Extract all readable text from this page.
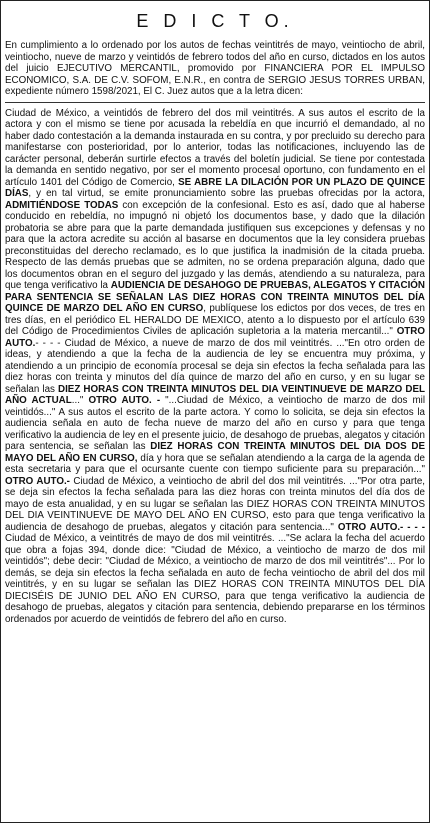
E D I C T O.

En cumplimiento a lo ordenado por los autos de fechas veintitrés de mayo, veintiocho de abril, veintiocho, nueve de marzo y veintidós de febrero todos del año en curso, dictados en los autos del juicio EJECUTIVO MERCANTIL, promovido por FINANCIERA POR EL IMPULSO ECONOMICO, S.A. DE C.V. SOFOM, E.N.R., en contra de SERGIO JESUS TORRES URBAN, expediente número 1598/2021, El C. Juez autos que a la letra dicen:

Ciudad de México, a veintidós de febrero del dos mil veintitrés. A sus autos el escrito de la actora y con el mismo se tiene por acusada la rebeldía en que incurrió el demandado, al no haber dado contestación a la demanda instaurada en su contra, y por precluido su derecho para manifestarse con posterioridad, por lo anterior, todas las notificaciones, incluyendo las de carácter personal, deberán surtirle efectos a través del boletín judicial. Se tiene por contestada la demanda en sentido negativo, por ser el momento procesal oportuno, con fundamento en el artículo 1401 del Código de Comercio, SE ABRE LA DILACIÓN POR UN PLAZO DE QUINCE DÍAS, y en tal virtud, se emite pronunciamiento sobre las pruebas ofrecidas por la actora, ADMITIÉNDOSE TODAS con excepción de la confesional. Esto es así, dado que al haberse conducido en rebeldía, no impugnó ni objetó los documentos base, y dado que la dilación probatoria se abre para que la parte demandada justifiquen sus excepciones y defensas y no para que la actora acredite su acción al basarse en documentos que la ley considera pruebas preconstituidas del derecho reclamado, es lo que justifica la inadmisión de la citada prueba. Respecto de las demás pruebas que se admiten, no se ordena preparación alguna, dado que los documentos obran en el seguro del juzgado y las demás, atendiendo a su naturaleza, para que tenga verificativo la AUDIENCIA DE DESAHOGO DE PRUEBAS, ALEGATOS Y CITACIÓN PARA SENTENCIA SE SEÑALAN LAS DIEZ HORAS CON TREINTA MINUTOS DEL DÍA QUINCE DE MARZO DEL AÑO EN CURSO, publíquese los edictos por dos veces, de tres en tres días, en el periódico EL HERALDO DE MEXICO, atento a lo dispuesto por el artículo 639 del Código de Procedimientos Civiles de aplicación supletoria a la materia mercantil..." OTRO AUTO.- - - - Ciudad de México, a nueve de marzo de dos mil veintitrés. ..."En otro orden de ideas, y atendiendo a que la fecha de la audiencia de ley se encuentra muy próxima, y atendiendo a un principio de economía procesal se deja sin efectos la fecha señalada para las diez horas con treinta y minutos del día quince de marzo del año en curso, y en su lugar se señalan las DIEZ HORAS CON TREINTA MINUTOS DEL DIA VEINTINUEVE DE MARZO DEL AÑO ACTUAL..." OTRO AUTO. - "...Ciudad de México, a veintiocho de marzo de dos mil veintidós..." A sus autos el escrito de la parte actora. Y como lo solicita, se deja sin efectos la audiencia señala en auto de fecha nueve de marzo del año en curso y para que tenga verificativo la audiencia de ley en el presente juicio, de desahogo de pruebas, alegatos y citación para sentencia, se señalan las DIEZ HORAS CON TREINTA MINUTOS DEL DIA DOS DE MAYO DEL AÑO EN CURSO, día y hora que se señalan atendiendo a la carga de la agenda de esta secretaria y para que el ocursante cuente con tiempo suficiente para su preparación..." OTRO AUTO.- Ciudad de México, a veintiocho de abril del dos mil veintitrés. ..."Por otra parte, se deja sin efectos la fecha señalada para las diez horas con treinta minutos del día dos de mayo de esta anualidad, y en su lugar se señalan las DIEZ HORAS CON TREINTA MINUTOS DEL DIA VEINTINUEVE DE MAYO DEL AÑO EN CURSO, esto para que tenga verificativo la audiencia de desahogo de pruebas, alegatos y citación para sentencia..." OTRO AUTO.- - - - Ciudad de México, a veintitrés de mayo de dos mil veintitrés. ..."Se aclara la fecha del acuerdo que obra a fojas 394, donde dice: "Ciudad de México, a veintiocho de marzo de dos mil veintidós"; debe decir: "Ciudad de México, a veintiocho de marzo de dos mil veintitrés"... Por lo demás, se deja sin efectos la fecha señalada en auto de fecha veintiocho de abril del dos mil veintitrés, y en su lugar se señalan las DIEZ HORAS CON TREINTA MINUTOS DEL DÍA DIECISÉIS DE JUNIO DEL AÑO EN CURSO, para que tenga verificativo la audiencia de desahogo de pruebas, alegatos y citación para sentencia, debiendo prepararse en los términos ordenados por acuerdo de veintidós de febrero del año en curso.
